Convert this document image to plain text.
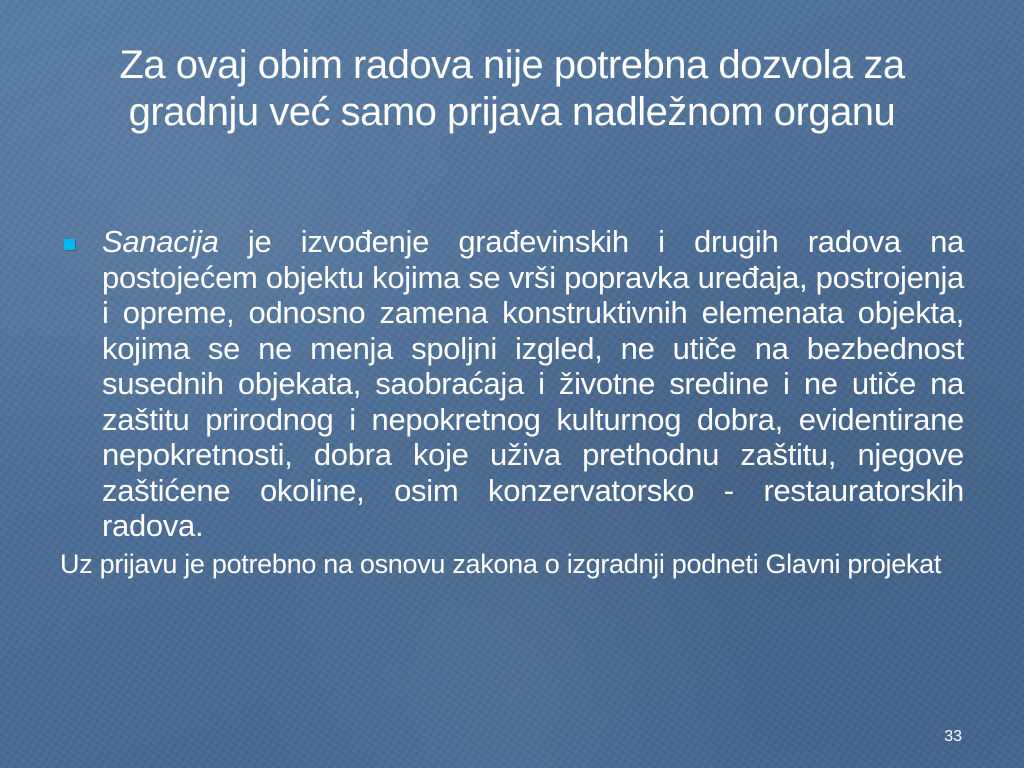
Za ovaj obim radova nije potrebna dozvola za gradnju već samo prijava nadležnom organu

Sanacija je izvođenje građevinskih i drugih radova na postojećem objektu kojima se vrši popravka uređaja, postrojenja i opreme, odnosno zamena konstruktivnih elemenata objekta, kojima se ne menja spoljni izgled, ne utiče na bezbednost susednih objekata, saobraćaja i životne sredine i ne utiče na zaštitu prirodnog i nepokretnog kulturnog dobra, evidentirane nepokretnosti, dobra koje uživa prethodnu zaštitu, njegove zaštićene okoline, osim konzervatorsko - restauratorskih radova.

Uz prijavu je potrebno na osnovu zakona o izgradnji podneti Glavni projekat

33
